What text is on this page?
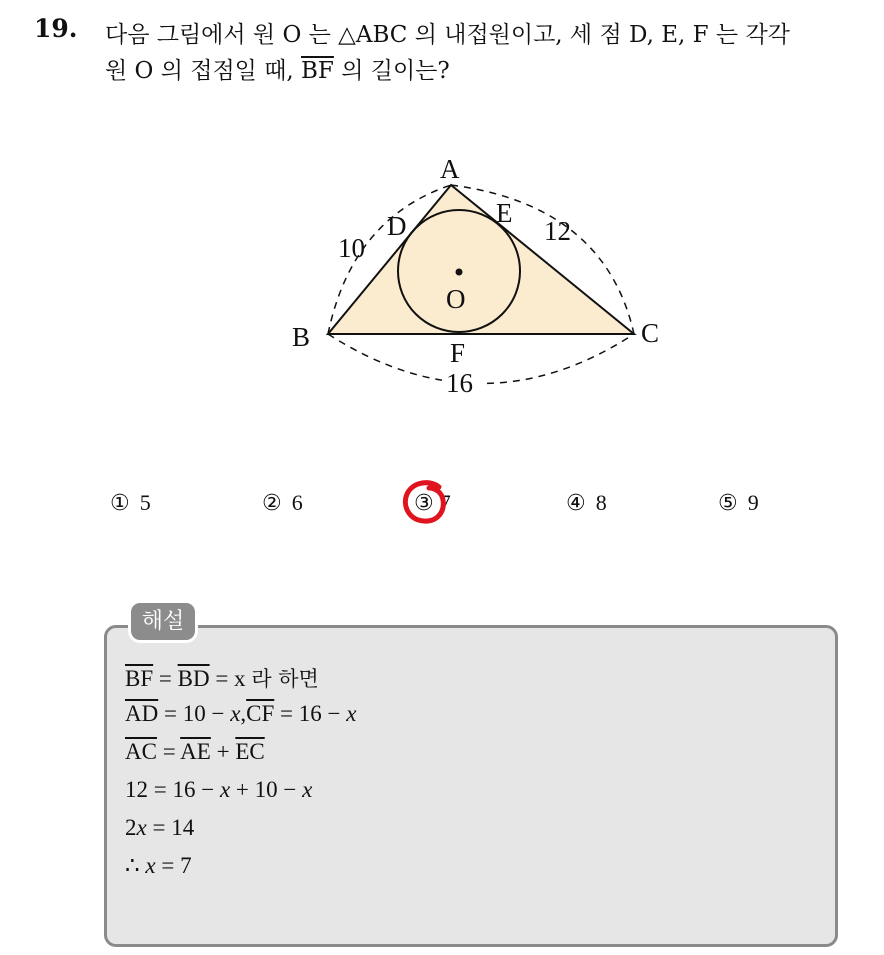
19. 다음 그림에서 원 O 는 △ABC 의 내접원이고, 세 점 D, E, F 는 각각
원 O 의 접점일 때, $\overline{BF}$ 의 길이는?
A
B	C
D	E
F
O
10
12
16
① 5	② 6	③ 7	④ 8	⑤ 9
해설
$\overline{BF} = \overline{BD} = x$ 라 하면
$\overline{AD} = 10 - x,\overline{CF} = 16 - x$
$\overline{AC} = \overline{AE} + \overline{EC}$
12 = 16 − x + 10 − x
2x = 14
∴ x = 7
